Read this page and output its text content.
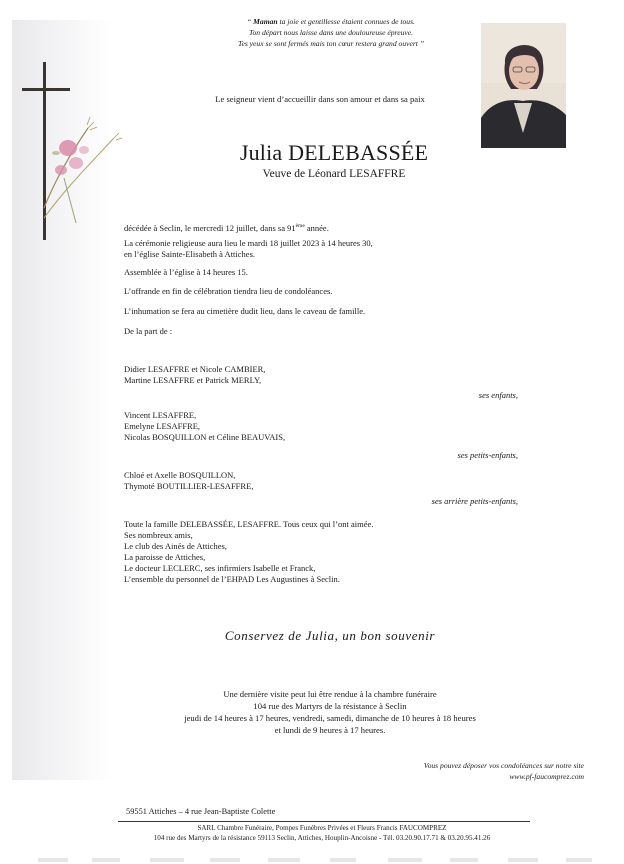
“ Maman ta joie et gentillesse étaient connues de tous.
Ton départ nous laisse dans une douloureuse épreuve.
Tes yeux se sont fermés mais ton cœur restera grand ouvert ”
Le seigneur vient d’accueillir dans son amour et dans sa paix
Julia DELEBASSÉE
Veuve de Léonard LESAFFRE

décédée à Seclin, le mercredi 12 juillet, dans sa 91ème année.

La cérémonie religieuse aura lieu le mardi 18 juillet 2023 à 14 heures 30,

en l’église Sainte-Elisabeth à Attiches.

Assemblée à l’église à 14 heures 15.
L’offrande en fin de célébration tiendra lieu de condoléances.
L’inhumation se fera au cimetière dudit lieu, dans le caveau de famille.
De la part de :

Didier LESAFFRE et Nicole CAMBIER,

Martine LESAFFRE et Patrick MERLY,

ses enfants,

Vincent LESAFFRE,

Emelyne LESAFFRE,

Nicolas BOSQUILLON et Céline BEAUVAIS,

ses petits-enfants,

Chloé et Axelle BOSQUILLON,

Thymoté BOUTILLIER-LESAFFRE,

ses arrière petits-enfants,

Toute la famille DELEBASSÉE, LESAFFRE. Tous ceux qui l’ont aimée.

Ses nombreux amis,

Le club des Ainés de Attiches,

La paroisse de Attiches,

Le docteur LECLERC, ses infirmiers Isabelle et Franck,

L’ensemble du personnel de l’EHPAD Les Augustines à Seclin.

Conservez de Julia, un bon souvenir

Une dernière visite peut lui être rendue à la chambre funéraire

104 rue des Martyrs de la résistance à Seclin

jeudi de 14 heures à 17 heures, vendredi, samedi, dimanche de 10 heures à 18 heures

et lundi de 9 heures à 17 heures.

Vous pouvez déposer vos condoléances sur notre site

www.pf-faucomprez.com

59551 Attiches – 4 rue Jean-Baptiste Colette

SARL Chambre Funéraire, Pompes Funèbres Privées et Fleurs Francis FAUCOMPREZ

104 rue des Martyrs de la résistance 59113 Seclin, Attiches, Houplin-Ancoisne - Tél. 03.20.90.17.71 & 03.20.95.41.26
